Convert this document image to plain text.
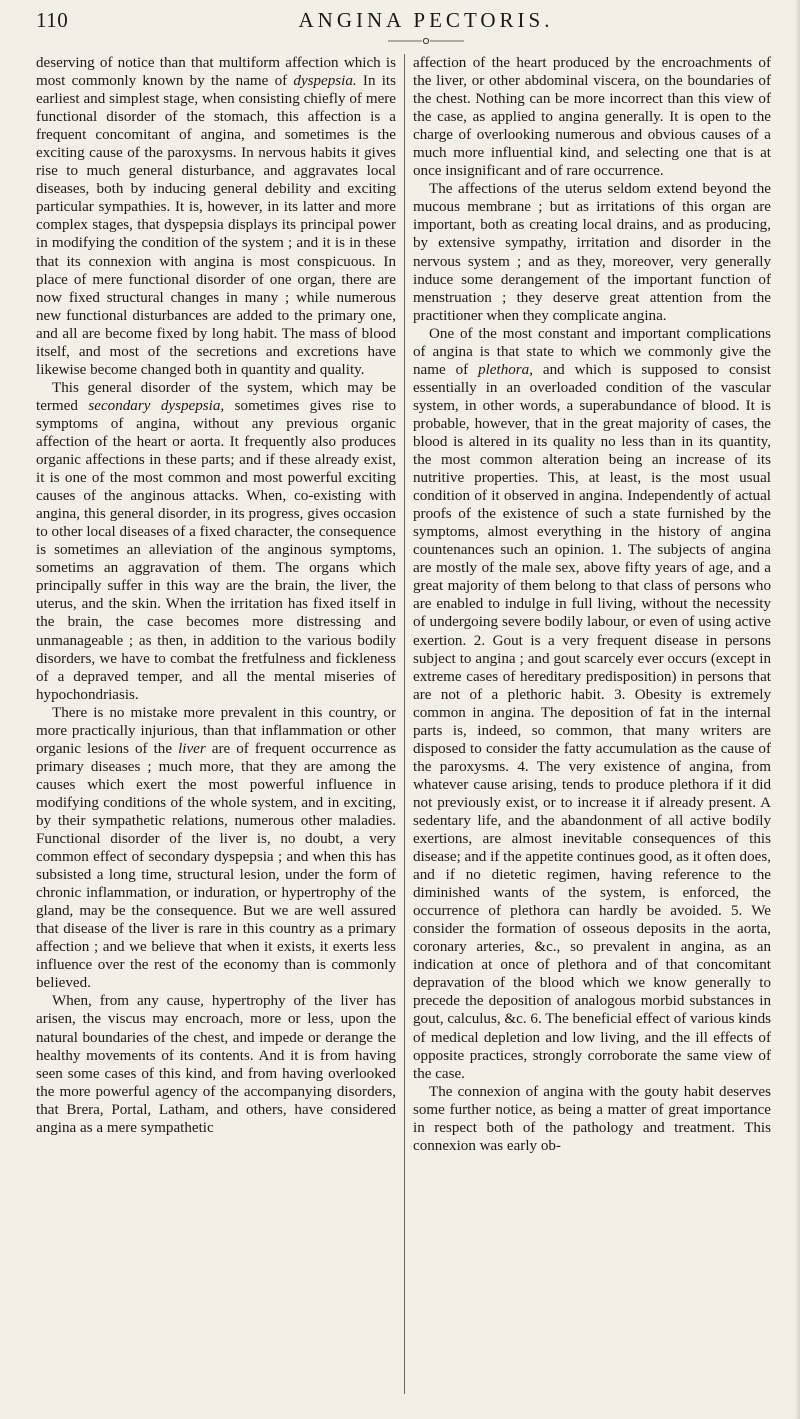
110	ANGINA PECTORIS.

deserving of notice than that multiform affection which is most commonly known by the name of dyspepsia. In its earliest and simplest stage, when consisting chiefly of mere functional disorder of the stomach, this affection is a frequent concomitant of angina, and sometimes is the exciting cause of the paroxysms. In nervous habits it gives rise to much general disturbance, and aggravates local diseases, both by inducing general debility and exciting particular sympathies. It is, however, in its latter and more complex stages, that dyspepsia displays its principal power in modifying the condition of the system ; and it is in these that its connexion with angina is most conspicuous. In place of mere functional disorder of one organ, there are now fixed structural changes in many ; while numerous new functional disturbances are added to the primary one, and all are become fixed by long habit. The mass of blood itself, and most of the secretions and excretions have likewise become changed both in quantity and quality.

This general disorder of the system, which may be termed secondary dyspepsia, sometimes gives rise to symptoms of angina, without any previous organic affection of the heart or aorta. It frequently also produces organic affections in these parts; and if these already exist, it is one of the most common and most powerful exciting causes of the anginous attacks. When, co-existing with angina, this general disorder, in its progress, gives occasion to other local diseases of a fixed character, the consequence is sometimes an alleviation of the anginous symptoms, sometims an aggravation of them. The organs which principally suffer in this way are the brain, the liver, the uterus, and the skin. When the irritation has fixed itself in the brain, the case becomes more distressing and unmanageable ; as then, in addition to the various bodily disorders, we have to combat the fretfulness and fickleness of a depraved temper, and all the mental miseries of hypochondriasis.

There is no mistake more prevalent in this country, or more practically injurious, than that inflammation or other organic lesions of the liver are of frequent occurrence as primary diseases ; much more, that they are among the causes which exert the most powerful influence in modifying conditions of the whole system, and in exciting, by their sympathetic relations, numerous other maladies. Functional disorder of the liver is, no doubt, a very common effect of secondary dyspepsia ; and when this has subsisted a long time, structural lesion, under the form of chronic inflammation, or induration, or hypertrophy of the gland, may be the consequence. But we are well assured that disease of the liver is rare in this country as a primary affection ; and we believe that when it exists, it exerts less influence over the rest of the economy than is commonly believed.

When, from any cause, hypertrophy of the liver has arisen, the viscus may encroach, more or less, upon the natural boundaries of the chest, and impede or derange the healthy movements of its contents. And it is from having seen some cases of this kind, and from having overlooked the more powerful agency of the accompanying disorders, that Brera, Portal, Latham, and others, have considered angina as a mere sympathetic

affection of the heart produced by the encroachments of the liver, or other abdominal viscera, on the boundaries of the chest. Nothing can be more incorrect than this view of the case, as applied to angina generally. It is open to the charge of overlooking numerous and obvious causes of a much more influential kind, and selecting one that is at once insignificant and of rare occurrence.

The affections of the uterus seldom extend beyond the mucous membrane ; but as irritations of this organ are important, both as creating local drains, and as producing, by extensive sympathy, irritation and disorder in the nervous system ; and as they, moreover, very generally induce some derangement of the important function of menstruation ; they deserve great attention from the practitioner when they complicate angina.

One of the most constant and important complications of angina is that state to which we commonly give the name of plethora, and which is supposed to consist essentially in an overloaded condition of the vascular system, in other words, a superabundance of blood. It is probable, however, that in the great majority of cases, the blood is altered in its quality no less than in its quantity, the most common alteration being an increase of its nutritive properties. This, at least, is the most usual condition of it observed in angina. Independently of actual proofs of the existence of such a state furnished by the symptoms, almost everything in the history of angina countenances such an opinion. 1. The subjects of angina are mostly of the male sex, above fifty years of age, and a great majority of them belong to that class of persons who are enabled to indulge in full living, without the necessity of undergoing severe bodily labour, or even of using active exertion. 2. Gout is a very frequent disease in persons subject to angina ; and gout scarcely ever occurs (except in extreme cases of hereditary predisposition) in persons that are not of a plethoric habit. 3. Obesity is extremely common in angina. The deposition of fat in the internal parts is, indeed, so common, that many writers are disposed to consider the fatty accumulation as the cause of the paroxysms. 4. The very existence of angina, from whatever cause arising, tends to produce plethora if it did not previously exist, or to increase it if already present. A sedentary life, and the abandonment of all active bodily exertions, are almost inevitable consequences of this disease; and if the appetite continues good, as it often does, and if no dietetic regimen, having reference to the diminished wants of the system, is enforced, the occurrence of plethora can hardly be avoided. 5. We consider the formation of osseous deposits in the aorta, coronary arteries, &c., so prevalent in angina, as an indication at once of plethora and of that concomitant depravation of the blood which we know generally to precede the deposition of analogous morbid substances in gout, calculus, &c. 6. The beneficial effect of various kinds of medical depletion and low living, and the ill effects of opposite practices, strongly corroborate the same view of the case.

The connexion of angina with the gouty habit deserves some further notice, as being a matter of great importance in respect both of the pathology and treatment. This connexion was early ob-
